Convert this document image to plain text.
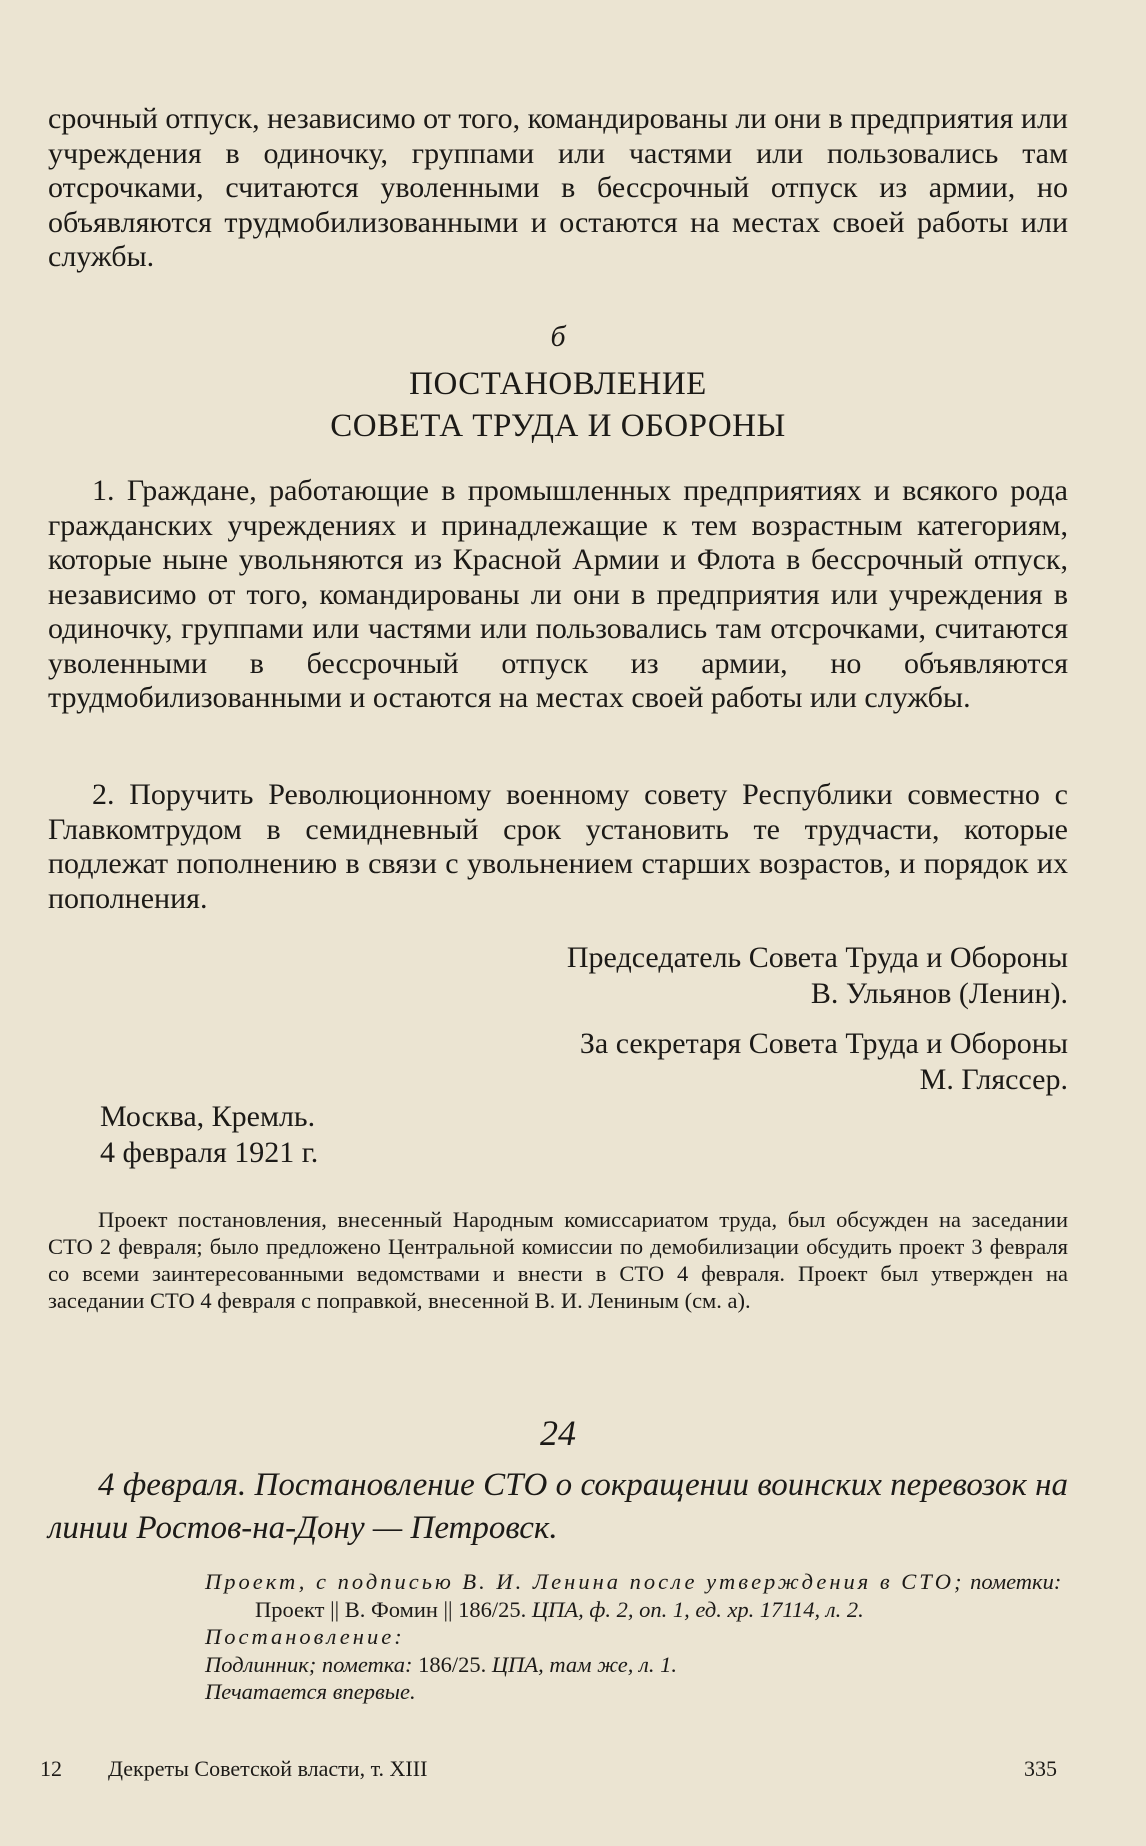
срочный отпуск, независимо от того, командированы ли они в предприятия или учреждения в одиночку, группами или частями или пользовались там отсрочками, считаются уволенными в бессрочный отпуск из армии, но объявляются трудмобилизованными и остаются на местах своей работы или службы.

б
ПОСТАНОВЛЕНИЕ
СОВЕТА ТРУДА И ОБОРОНЫ

1. Граждане, работающие в промышленных предприятиях и всякого рода гражданских учреждениях и принадлежащие к тем возрастным категориям, которые ныне увольняются из Красной Армии и Флота в бессрочный отпуск, независимо от того, командированы ли они в предприятия или учреждения в одиночку, группами или частями или пользовались там отсрочками, считаются уволенными в бессрочный отпуск из армии, но объявляются трудмобилизованными и остаются на местах своей работы или службы.

2. Поручить Революционному военному совету Республики совместно с Главкомтрудом в семидневный срок установить те трудчасти, которые подлежат пополнению в связи с увольнением старших возрастов, и порядок их пополнения.

Председатель Совета Труда и Обороны

В. Ульянов (Ленин).

За секретаря Совета Труда и Обороны

М. Гляссер.

Москва, Кремль.
4 февраля 1921 г.

Проект постановления, внесенный Народным комиссариатом труда, был обсужден на заседании СТО 2 февраля; было предложено Центральной комиссии по демобилизации обсудить проект 3 февраля со всеми заинтересованными ведомствами и внести в СТО 4 февраля. Проект был утвержден на заседании СТО 4 февраля с поправкой, внесенной В. И. Лениным (см. а).

24

4 февраля. Постановление СТО о сокращении воинских перевозок на линии Ростов-на-Дону — Петровск.

Проект, с подписью В. И. Ленина после утверждения в СТО; пометки: Проект || В. Фомин || 186/25. ЦПА, ф. 2, оп. 1, ед. хр. 17114, л. 2.

Постановление:

Подлинник; пометка: 186/25. ЦПА, там же, л. 1.

Печатается впервые.

12 Декреты Советской власти, т. XIII	335
